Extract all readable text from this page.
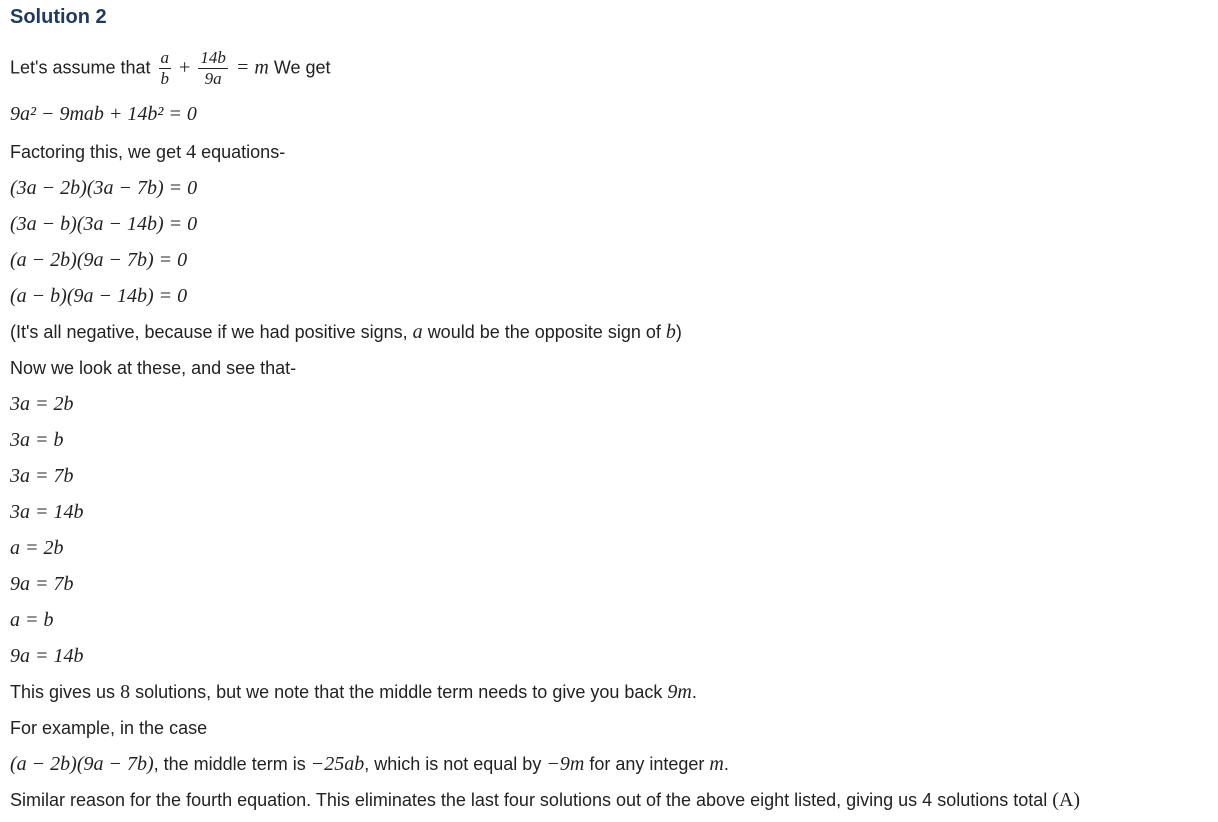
Solution 2
Let's assume that $\frac{a}{b} + \frac{14b}{9a} = m$ We get
9a² − 9mab + 14b² = 0
Factoring this, we get 4 equations-
(3a − 2b)(3a − 7b) = 0
(3a − b)(3a − 14b) = 0
(a − 2b)(9a − 7b) = 0
(a − b)(9a − 14b) = 0
(It's all negative, because if we had positive signs, a would be the opposite sign of b)
Now we look at these, and see that-
3a = 2b
3a = b
3a = 7b
3a = 14b
a = 2b
9a = 7b
a = b
9a = 14b
This gives us 8 solutions, but we note that the middle term needs to give you back 9m.
For example, in the case
(a − 2b)(9a − 7b), the middle term is −25ab, which is not equal by −9m for any integer m.
Similar reason for the fourth equation. This eliminates the last four solutions out of the above eight listed, giving us 4 solutions total (A)
